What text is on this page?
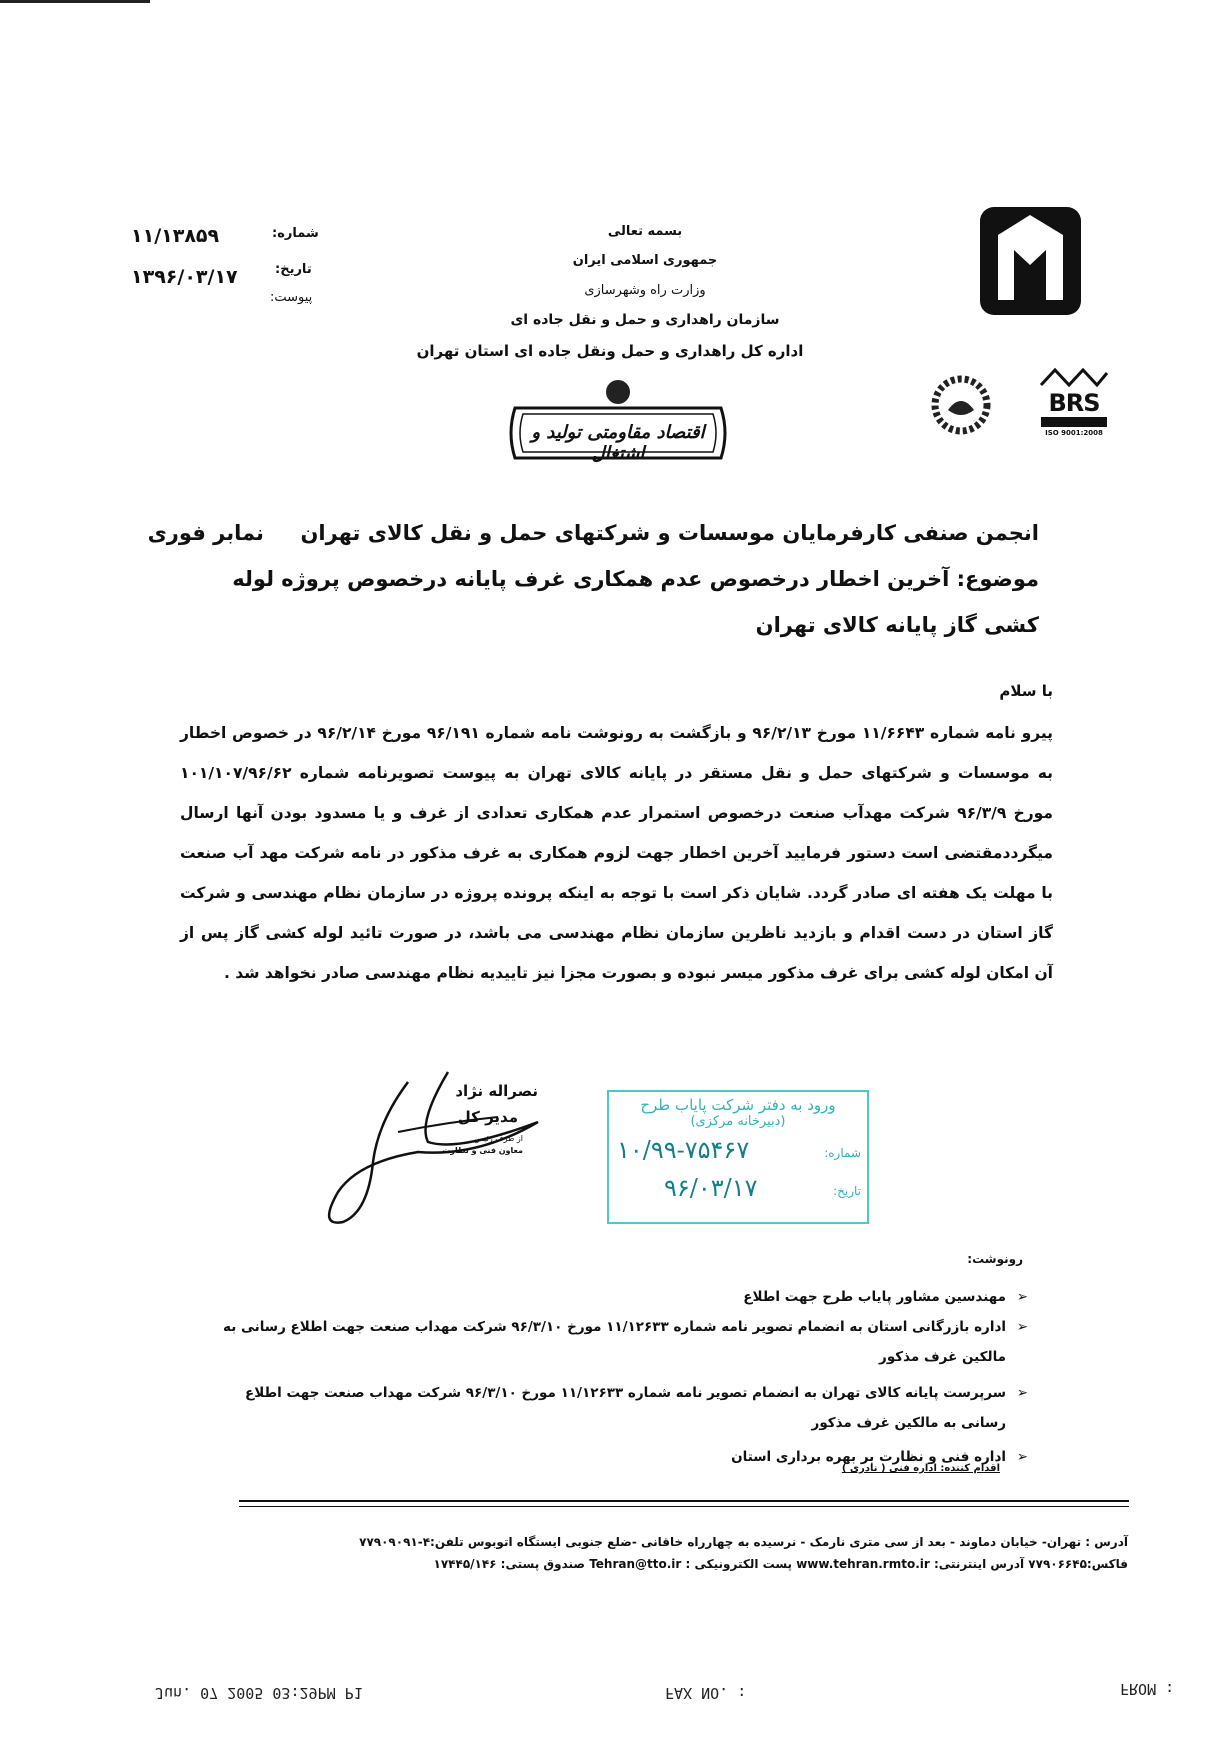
بسمه تعالی
جمهوری اسلامی ایران
وزارت راه وشهرسازی
سازمان راهداری و حمل و نقل جاده ای
اداره کل راهداری و حمل ونقل جاده ای استان تهران
۱۱/۱۳۸۵۹	شماره:
۱۳۹۶/۰۳/۱۷	تاریخ:
پیوست:
اقتصاد مقاومتی تولید و اشتغال
BRS
ISO 9001:2008
انجمن صنفی کارفرمایان موسسات و شرکتهای حمل و نقل کالای تهران     نمابر فوری
موضوع: آخرین اخطار درخصوص عدم همکاری غرف پایانه درخصوص پروژه لوله کشی گاز پایانه کالای تهران
با سلام
پیرو نامه شماره ۱۱/۶۶۴۳ مورخ ۹۶/۲/۱۳ و بازگشت به رونوشت نامه شماره ۹۶/۱۹۱ مورخ ۹۶/۲/۱۴ در خصوص اخطار به موسسات و شرکتهای حمل و نقل مستقر در پایانه کالای تهران به پیوست تصویرنامه شماره ۱۰۱/۱۰۷/۹۶/۶۲ مورخ ۹۶/۳/۹ شرکت مهدآب صنعت درخصوص استمرار عدم همکاری تعدادی از غرف و یا مسدود بودن آنها ارسال میگرددمقتضی است دستور فرمایید آخرین اخطار جهت لزوم همکاری به غرف مذکور در نامه شرکت مهد آب صنعت با مهلت یک هفته ای صادر گردد. شایان ذکر است با توجه به اینکه پرونده پروژه در سازمان نظام مهندسی و شرکت گاز استان در دست اقدام و بازدید ناظرین سازمان نظام مهندسی می باشد، در صورت تائید لوله کشی گاز پس از آن امکان لوله کشی برای غرف مذکور میسر نبوده و بصورت مجزا نیز تاییدیه نظام مهندسی صادر نخواهد شد .
نصراله نژاد
مدیر کل
از طرف رئیس
معاون فنی و نظارت
ورود به دفتر شرکت پایاب طرح
(دبیرخانه مرکزی)
شماره:
۱۰/۹۹-۷۵۴۶۷
تاریخ:
۹۶/۰۳/۱۷
رونوشت:
➢
مهندسین مشاور پایاب طرح جهت اطلاع
➢
اداره بازرگانی استان به انضمام تصویر نامه شماره ۱۱/۱۲۶۳۳ مورخ ۹۶/۳/۱۰ شرکت مهداب صنعت جهت اطلاع رسانی به مالکین غرف مذکور
➢
سرپرست پایانه کالای تهران به انضمام تصویر نامه شماره ۱۱/۱۲۶۳۳ مورخ ۹۶/۳/۱۰ شرکت مهداب صنعت جهت اطلاع رسانی به مالکین غرف مذکور
➢
اداره فنی و نظارت بر بهره برداری استان
اقدام کننده: اداره فنی ( نادری )
آدرس : تهران- خیابان دماوند - بعد از سی متری نارمک - نرسیده به چهارراه خاقانی -ضلع جنوبی ایستگاه اتوبوس تلفن:۴-۷۷۹۰۹۰۹۱
فاکس:۷۷۹۰۶۶۴۵ آدرس اینترنتی: www.tehran.rmto.ir پست الکترونیکی : Tehran@tto.ir صندوق پستی: ۱۷۴۴۵/۱۴۶
Jun. 07 2005 03:29PM P1	FAX NO. :	FROM :
